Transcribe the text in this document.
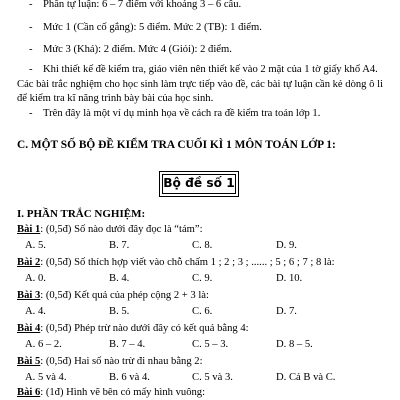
- Phần tự luận: 6 – 7 điểm với khoảng 3 – 6 câu.
- Mức 1 (Cần cố gắng): 5 điểm. Mức 2 (TB): 1 điểm.
- Mức 3 (Khá): 2 điểm. Mức 4 (Giỏi): 2 điểm.
- Khi thiết kế đề kiểm tra, giáo viên nên thiết kế vào 2 mặt của 1 tờ giấy khổ A4. Các bài trắc nghiệm cho học sinh làm trực tiếp vào đề, các bài tự luận cần kẻ dòng ô li để kiểm tra kĩ năng trình bày bài của học sinh.
- Trên đây là một ví dụ minh họa về cách ra đề kiểm tra toán lớp 1.
C. MỘT SỐ BỘ ĐỀ KIỂM TRA CUỐI KÌ 1 MÔN TOÁN LỚP 1:
Bộ đề số 1
I. PHẦN TRẮC NGHIỆM:
Bài 1: (0,5đ) Số nào dưới đây đọc là “tám”:
A. 5.	B. 7.	C. 8.	D. 9.
Bài 2: (0,5đ) Số thích hợp viết vào chỗ chấm 1 ; 2 ; 3 ; ...... ; 5 ; 6 ; 7 ; 8 là:
A. 0.	B. 4.	C. 9.	D. 10.
Bài 3: (0,5đ) Kết quả của phép cộng 2 + 3 là:
A. 4.	B. 5.	C. 6.	D. 7.
Bài 4: (0,5đ) Phép trừ nào dưới đây có kết quả bằng 4:
A. 6 – 2.	B. 7 – 4.	C. 5 – 3.	D. 8 – 5.
Bài 5: (0,5đ) Hai số nào trừ đi nhau bằng 2:
A. 5 và 4.	B. 6 và 4.	C. 5 và 3.	D. Cả B và C.
Bài 6: (1đ) Hình vẽ bên có mấy hình vuông:
